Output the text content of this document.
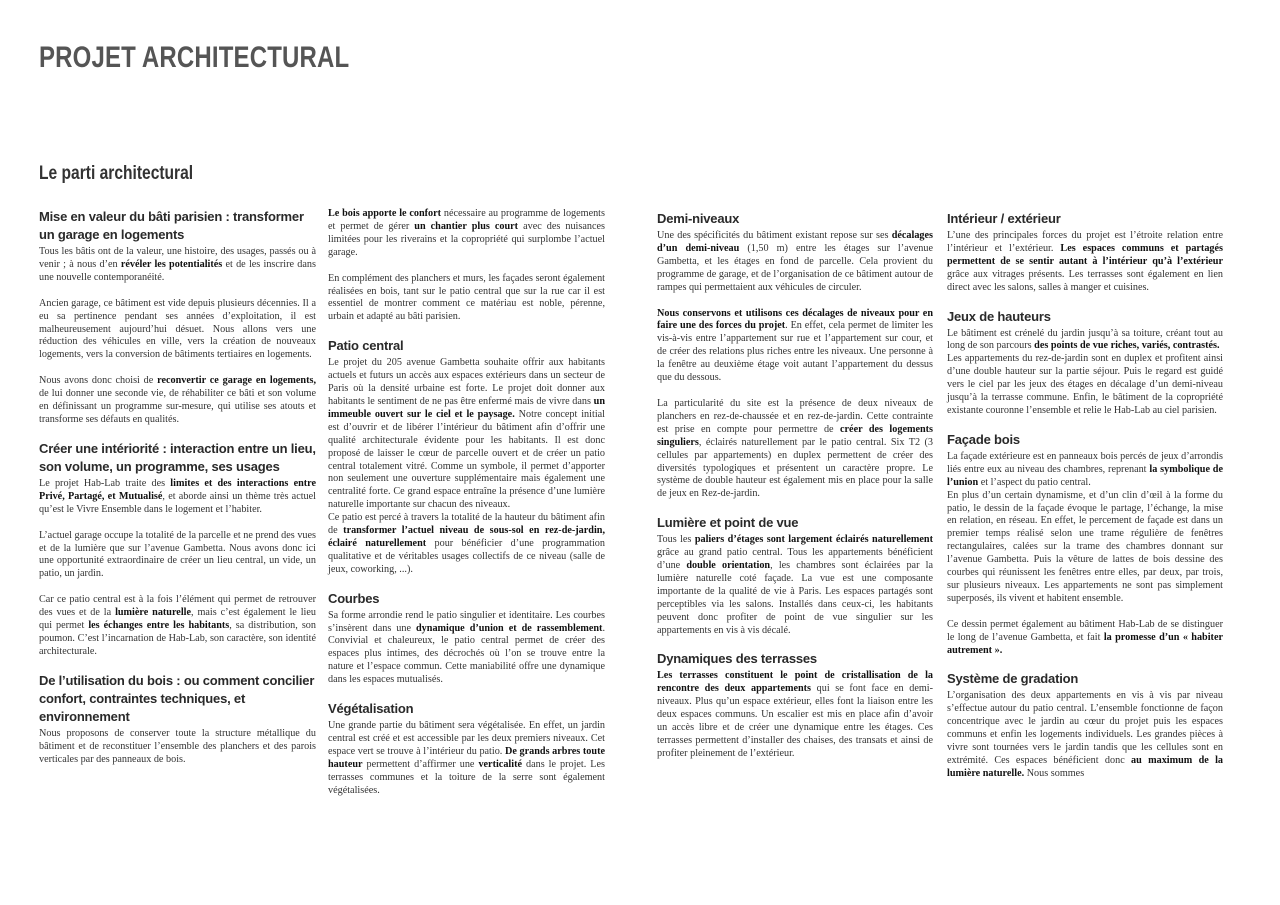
PROJET ARCHITECTURAL
Le parti architectural
Mise en valeur du bâti parisien : transformer un garage en logements

Tous les bâtis ont de la valeur, une histoire, des usages, passés ou à venir ; à nous d’en révéler les potentialités et de les inscrire dans une nouvelle contemporanéité.

Ancien garage, ce bâtiment est vide depuis plusieurs décennies. Il a eu sa pertinence pendant ses années d’exploitation, il est malheureusement aujourd’hui désuet. Nous allons vers une réduction des véhicules en ville, vers la création de nouveaux logements, vers la conversion de bâtiments tertiaires en logements.

Nous avons donc choisi de reconvertir ce garage en logements, de lui donner une seconde vie, de réhabiliter ce bâti et son volume en définissant un programme sur-mesure, qui utilise ses atouts et transforme ses défauts en qualités.

Créer une intériorité : interaction entre un lieu, son volume, un programme, ses usages

Le projet Hab-Lab traite des limites et des interactions entre Privé, Partagé, et Mutualisé, et aborde ainsi un thème très actuel qu’est le Vivre Ensemble dans le logement et l’habiter.

L’actuel garage occupe la totalité de la parcelle et ne prend des vues et de la lumière que sur l’avenue Gambetta. Nous avons donc ici une opportunité extraordinaire de créer un lieu central, un vide, un patio, un jardin.

Car ce patio central est à la fois l’élément qui permet de retrouver des vues et de la lumière naturelle, mais c’est également le lieu qui permet les échanges entre les habitants, sa distribution, son poumon. C’est l’incarnation de Hab-Lab, son caractère, son identité architecturale.

De l’utilisation du bois : ou comment concilier confort, contraintes techniques, et environnement

Nous proposons de conserver toute la structure métallique du bâtiment et de reconstituer l’ensemble des planchers et des parois verticales par des panneaux de bois.

Le bois apporte le confort nécessaire au programme de logements et permet de gérer un chantier plus court avec des nuisances limitées pour les riverains et la copropriété qui surplombe l’actuel garage.

En complément des planchers et murs, les façades seront également réalisées en bois, tant sur le patio central que sur la rue car il est essentiel de montrer comment ce matériau est noble, pérenne, urbain et adapté au bâti parisien.

Patio central

Le projet du 205 avenue Gambetta souhaite offrir aux habitants actuels et futurs un accès aux espaces extérieurs dans un secteur de Paris où la densité urbaine est forte. Le projet doit donner aux habitants le sentiment de ne pas être enfermé mais de vivre dans un immeuble ouvert sur le ciel et le paysage. Notre concept initial est d’ouvrir et de libérer l’intérieur du bâtiment afin d’offrir une qualité architecturale évidente pour les habitants. Il est donc proposé de laisser le cœur de parcelle ouvert et de créer un patio central totalement vitré. Comme un symbole, il permet d’apporter non seulement une ouverture supplémentaire mais également une centralité forte. Ce grand espace entraîne la présence d’une lumière naturelle importante sur chacun des niveaux.

Ce patio est percé à travers la totalité de la hauteur du bâtiment afin de transformer l’actuel niveau de sous-sol en rez-de-jardin, éclairé naturellement pour bénéficier d’une programmation qualitative et de véritables usages collectifs de ce niveau (salle de jeux, coworking, ...).

Courbes

Sa forme arrondie rend le patio singulier et identitaire. Les courbes s’insèrent dans une dynamique d’union et de rassemblement. Convivial et chaleureux, le patio central permet de créer des espaces plus intimes, des décrochés où l’on se trouve entre la nature et l’espace commun. Cette maniabilité offre une dynamique dans les espaces mutualisés.

Végétalisation

Une grande partie du bâtiment sera végétalisée. En effet, un jardin central est créé et est accessible par les deux premiers niveaux. Cet espace vert se trouve à l’intérieur du patio. De grands arbres toute hauteur permettent d’affirmer une verticalité dans le projet. Les terrasses communes et la toiture de la serre sont également végétalisées.

Demi-niveaux

Une des spécificités du bâtiment existant repose sur ses décalages d’un demi-niveau (1,50 m) entre les étages sur l’avenue Gambetta, et les étages en fond de parcelle. Cela provient du programme de garage, et de l’organisation de ce bâtiment autour de rampes qui permettaient aux véhicules de circuler.

Nous conservons et utilisons ces décalages de niveaux pour en faire une des forces du projet. En effet, cela permet de limiter les vis-à-vis entre l’appartement sur rue et l’appartement sur cour, et de créer des relations plus riches entre les niveaux. Une personne à la fenêtre au deuxième étage voit autant l’appartement du dessus que du dessous.

La particularité du site est la présence de deux niveaux de planchers en rez-de-chaussée et en rez-de-jardin. Cette contrainte est prise en compte pour permettre de créer des logements singuliers, éclairés naturellement par le patio central. Six T2 (3 cellules par appartements) en duplex permettent de créer des diversités typologiques et présentent un caractère propre. Le système de double hauteur est également mis en place pour la salle de jeux en Rez-de-jardin.

Lumière et point de vue

Tous les paliers d’étages sont largement éclairés naturellement grâce au grand patio central. Tous les appartements bénéficient d’une double orientation, les chambres sont éclairées par la lumière naturelle coté façade. La vue est une composante importante de la qualité de vie à Paris. Les espaces partagés sont perceptibles via les salons. Installés dans ceux-ci, les habitants peuvent donc profiter de point de vue singulier sur les appartements en vis à vis décalé.

Dynamiques des terrasses

Les terrasses constituent le point de cristallisation de la rencontre des deux appartements qui se font face en demi-niveaux. Plus qu’un espace extérieur, elles font la liaison entre les deux espaces communs. Un escalier est mis en place afin d’avoir un accès libre et de créer une dynamique entre les étages. Ces terrasses permettent d’installer des chaises, des transats et ainsi de profiter pleinement de l’extérieur.

Intérieur / extérieur

L’une des principales forces du projet est l’étroite relation entre l’intérieur et l’extérieur. Les espaces communs et partagés permettent de se sentir autant à l’intérieur qu’à l’extérieur grâce aux vitrages présents. Les terrasses sont également en lien direct avec les salons, salles à manger et cuisines.

Jeux de hauteurs

Le bâtiment est crénelé du jardin jusqu’à sa toiture, créant tout au long de son parcours des points de vue riches, variés, contrastés.

Les appartements du rez-de-jardin sont en duplex et profitent ainsi d’une double hauteur sur la partie séjour. Puis le regard est guidé vers le ciel par les jeux des étages en décalage d’un demi-niveau jusqu’à la terrasse commune. Enfin, le bâtiment de la copropriété existante couronne l’ensemble et relie le Hab-Lab au ciel parisien.

Façade bois

La façade extérieure est en panneaux bois percés de jeux d’arrondis liés entre eux au niveau des chambres, reprenant la symbolique de l’union et l’aspect du patio central.

En plus d’un certain dynamisme, et d’un clin d’œil à la forme du patio, le dessin de la façade évoque le partage, l’échange, la mise en relation, en réseau. En effet, le percement de façade est dans un premier temps réalisé selon une trame régulière de fenêtres rectangulaires, calées sur la trame des chambres donnant sur l’avenue Gambetta. Puis la vêture de lattes de bois dessine des courbes qui réunissent les fenêtres entre elles, par deux, par trois, sur plusieurs niveaux. Les appartements ne sont pas simplement superposés, ils vivent et habitent ensemble.

Ce dessin permet également au bâtiment Hab-Lab de se distinguer le long de l’avenue Gambetta, et fait la promesse d’un « habiter autrement ».

Système de gradation

L’organisation des deux appartements en vis à vis par niveau s’effectue autour du patio central. L’ensemble fonctionne de façon concentrique avec le jardin au cœur du projet puis les espaces communs et enfin les logements individuels. Les grandes pièces à vivre sont tournées vers le jardin tandis que les cellules sont en extrémité. Ces espaces bénéficient donc au maximum de la lumière naturelle. Nous sommes
